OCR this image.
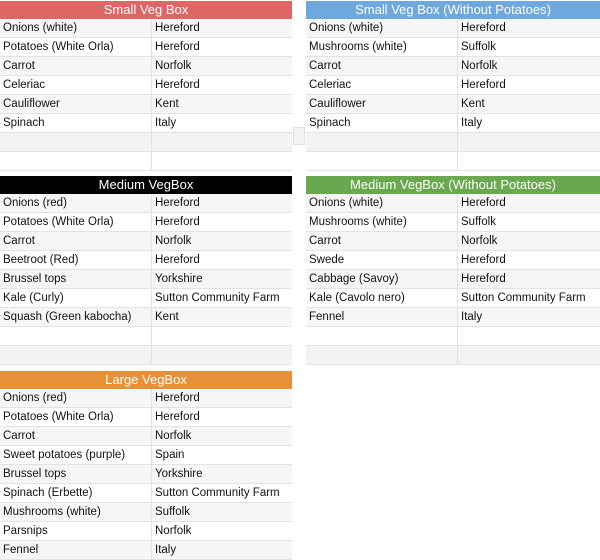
Small Veg Box
Onions (white)	Hereford
Potatoes (White Orla)	Hereford
Carrot	Norfolk
Celeriac	Hereford
Cauliflower	Kent
Spinach	Italy
Small Veg Box (Without Potatoes)
Onions (white)	Hereford
Mushrooms (white)	Suffolk
Carrot	Norfolk
Celeriac	Hereford
Cauliflower	Kent
Spinach	Italy
Medium VegBox
Onions (red)	Hereford
Potatoes (White Orla)	Hereford
Carrot	Norfolk
Beetroot (Red)	Hereford
Brussel tops	Yorkshire
Kale (Curly)	Sutton Community Farm
Squash (Green kabocha)	Kent
Medium VegBox (Without Potatoes)
Onions (white)	Hereford
Mushrooms (white)	Suffolk
Carrot	Norfolk
Swede	Hereford
Cabbage (Savoy)	Hereford
Kale (Cavolo nero)	Sutton Community Farm
Fennel	Italy
Large VegBox
Onions (red)	Hereford
Potatoes (White Orla)	Hereford
Carrot	Norfolk
Sweet potatoes (purple)	Spain
Brussel tops	Yorkshire
Spinach (Erbette)	Sutton Community Farm
Mushrooms (white)	Suffolk
Parsnips	Norfolk
Fennel	Italy
